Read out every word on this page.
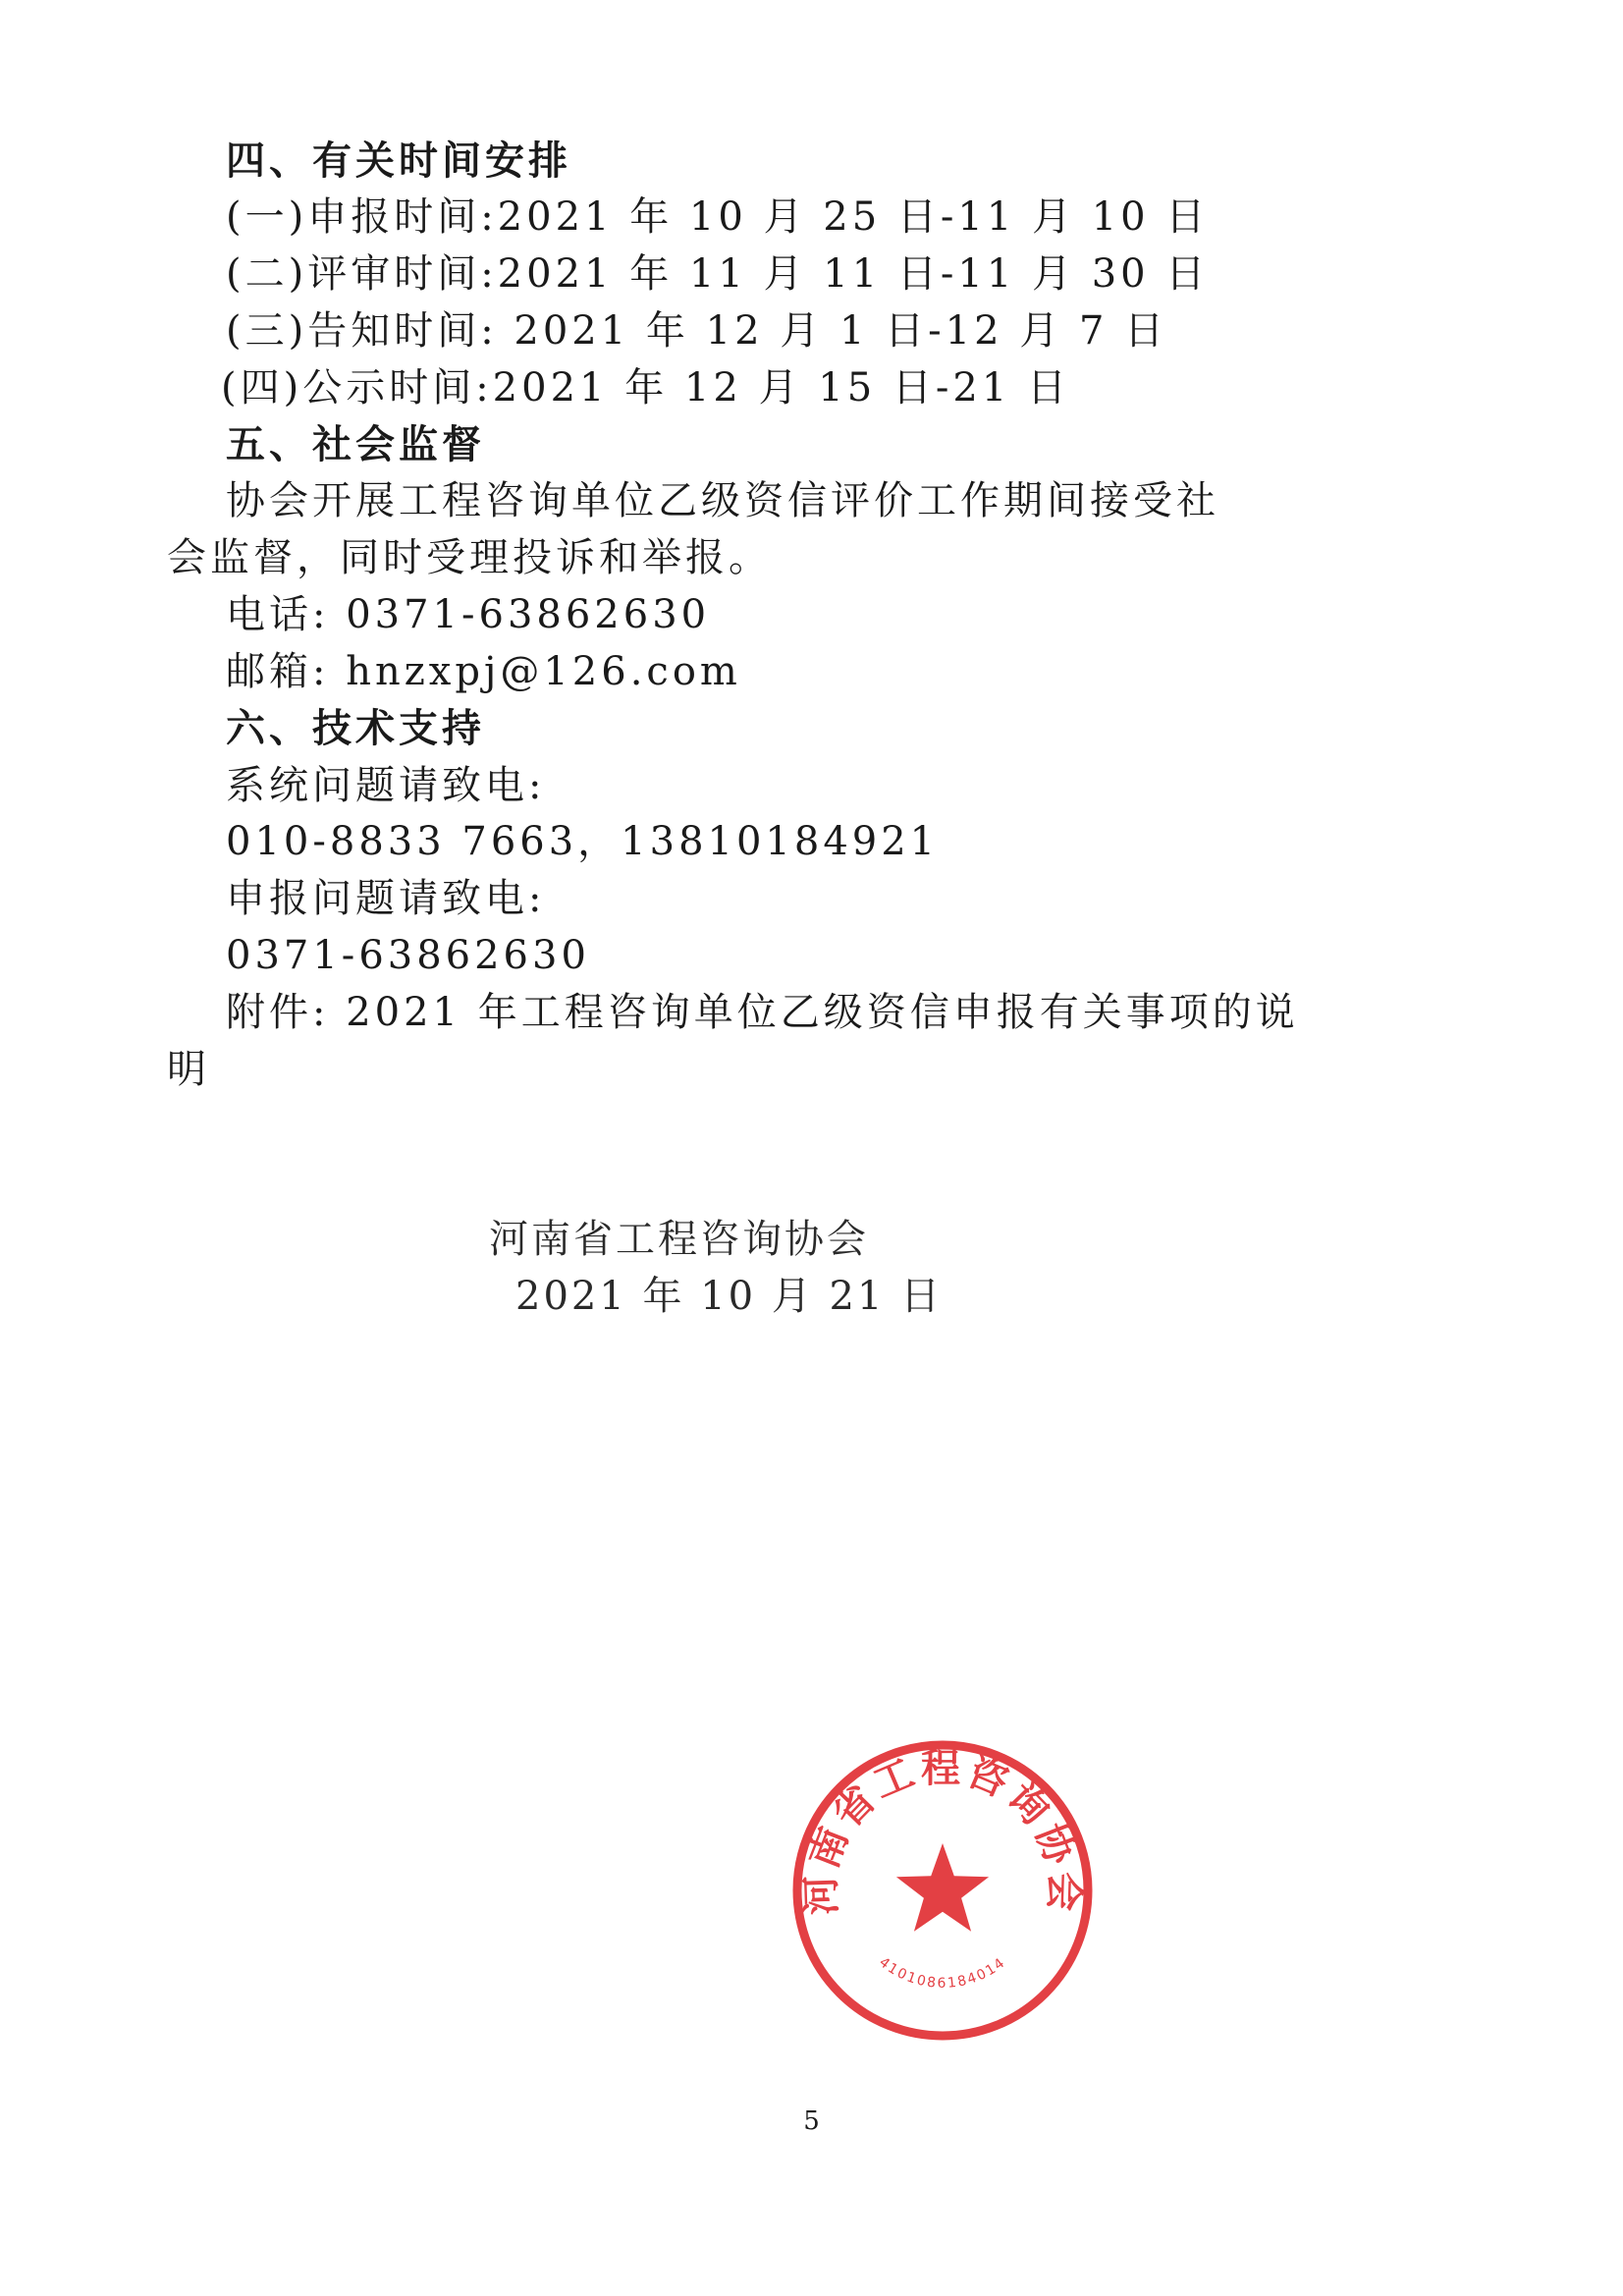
四、有关时间安排
(一)申报时间:2021 年 10 月 25 日-11 月 10 日
(二)评审时间:2021 年 11 月 11 日-11 月 30 日
(三)告知时间: 2021 年 12 月 1 日-12 月 7 日
(四)公示时间:2021 年 12 月 15 日-21 日
五、社会监督
协会开展工程咨询单位乙级资信评价工作期间接受社
会监督，同时受理投诉和举报。
电话: 0371-63862630
邮箱: hnzxpj@126.com
六、技术支持
系统问题请致电:
010-8833 7663，13810184921
申报问题请致电:
0371-63862630
附件: 2021 年工程咨询单位乙级资信申报有关事项的说
明
河南省工程咨询协会
2021 年 10 月 21 日
河南省工程咨询协会
4101086184014
5
